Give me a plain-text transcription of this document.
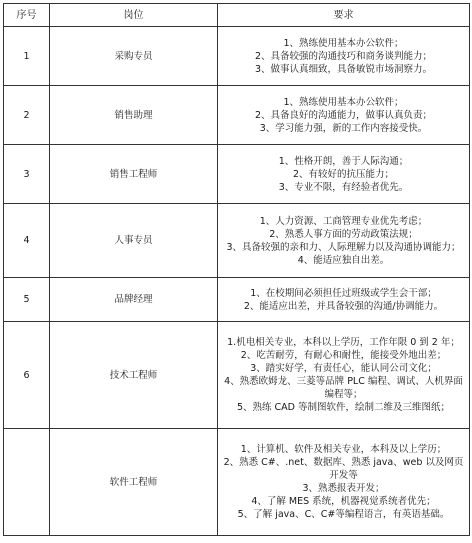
序号	岗位	要求
1	采购专员	1、熟练使用基本办公软件；
2、具备较强的沟通技巧和商务谈判能力；
3、做事认真细致，具备敏锐市场洞察力。

2	销售助理	1、熟练使用基本办公软件；
2、具备良好的沟通能力，做事认真负责；
3、学习能力强，新的工作内容接受快。

3	销售工程师	1、性格开朗，善于人际沟通；
2、有较好的抗压能力；
3、专业不限，有经验者优先。

4	人事专员	1、人力资源、工商管理专业优先考虑；
2、熟悉人事方面的劳动政策法规；
3、具备较强的亲和力、人际理解力以及沟通协调能力；
4、能适应独自出差。

5	品牌经理	1、在校期间必须担任过班级或学生会干部；
2、能适应出差，并具备较强的沟通/协调能力。

6	技术工程师	1.机电相关专业，本科以上学历，工作年限 0 到 2 年；
2、吃苦耐劳，有耐心和耐性，能接受外地出差；
3、踏实好学，有责任心，能认同公司文化；
4、熟悉欧姆龙、三菱等品牌 PLC 编程、调试、人机界面编程等；
5、熟练 CAD 等制图软件，绘制二维及三维图纸；

	软件工程师	1、计算机、软件及相关专业，本科及以上学历；
2、熟悉 C#、.net、数据库、熟悉 java、web 以及网页开发等
3、熟悉报表开发；
4、了解 MES 系统，机器视觉系统者优先；
5、了解 java、C、C#等编程语言，有英语基础。
